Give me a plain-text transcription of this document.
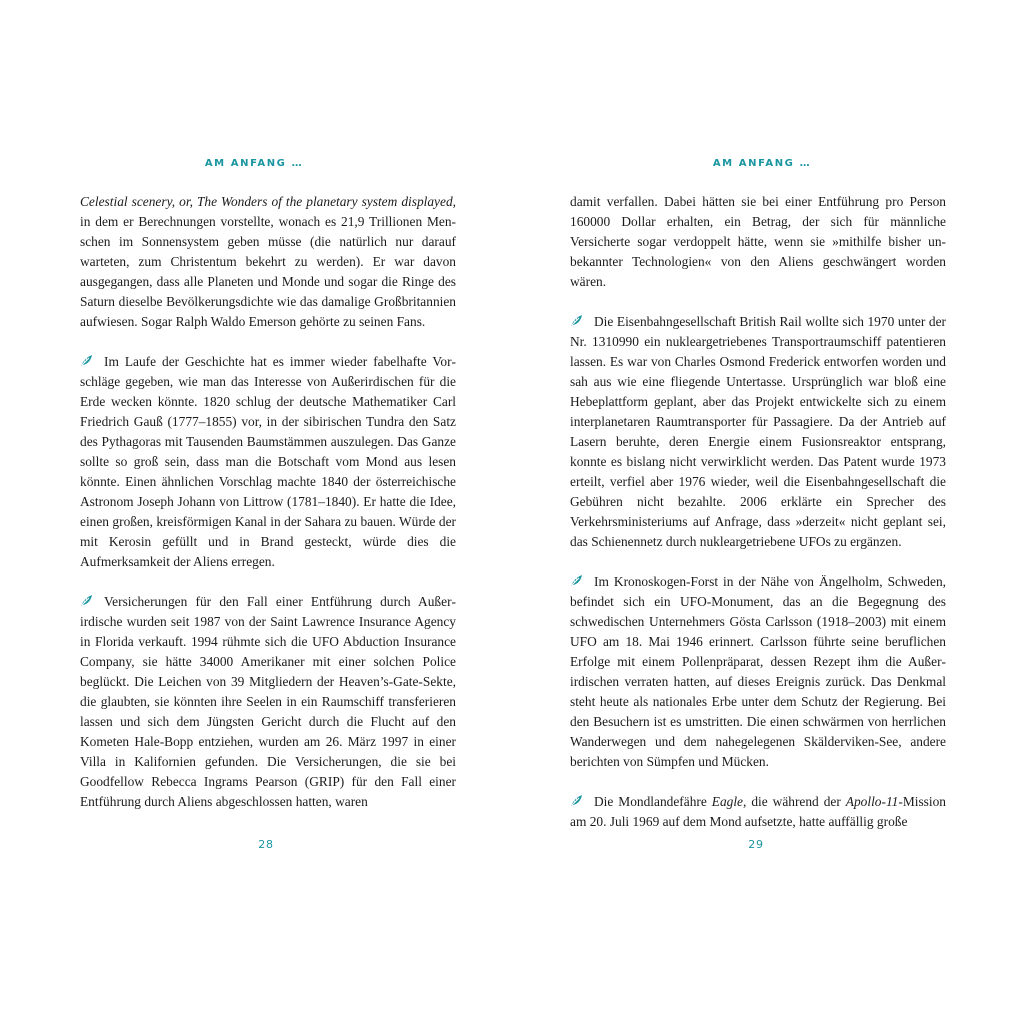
AM ANFANG …

Celestial scenery, or, The Wonders of the planetary system displayed, in dem er Berechnungen vorstellte, wonach es 21,9 Trillionen Menschen im Sonnensystem geben müsse (die natürlich nur darauf warteten, zum Christentum bekehrt zu werden). Er war davon ausgegangen, dass alle Planeten und Monde und sogar die Ringe des Saturn dieselbe Bevölkerungsdichte wie das damalige Großbritannien aufwiesen. Sogar Ralph Waldo Emerson gehörte zu seinen Fans.

Im Laufe der Geschichte hat es immer wieder fabelhafte Vorschläge gegeben, wie man das Interesse von Außerirdischen für die Erde wecken könnte. 1820 schlug der deutsche Mathematiker Carl Friedrich Gauß (1777–1855) vor, in der sibirischen Tundra den Satz des Pythagoras mit Tausenden Baumstämmen auszulegen. Das Ganze sollte so groß sein, dass man die Botschaft vom Mond aus lesen könnte. Einen ähnlichen Vorschlag machte 1840 der österreichische Astronom Joseph Johann von Littrow (1781–1840). Er hatte die Idee, einen großen, kreisförmigen Kanal in der Sahara zu bauen. Würde der mit Kerosin gefüllt und in Brand gesteckt, würde dies die Aufmerksamkeit der Aliens erregen.

Versicherungen für den Fall einer Entführung durch Außerirdische wurden seit 1987 von der Saint Lawrence Insurance Agency in Florida verkauft. 1994 rühmte sich die UFO Abduction Insurance Company, sie hätte 34000 Amerikaner mit einer solchen Police beglückt. Die Leichen von 39 Mitgliedern der Heaven’s-Gate-Sekte, die glaubten, sie könnten ihre Seelen in ein Raumschiff transferieren lassen und sich dem Jüngsten Gericht durch die Flucht auf den Kometen Hale-Bopp entziehen, wurden am 26. März 1997 in einer Villa in Kalifornien gefunden. Die Versicherungen, die sie bei Goodfellow Rebecca Ingrams Pearson (GRIP) für den Fall einer Entführung durch Aliens abgeschlossen hatten, waren

28
AM ANFANG …

damit verfallen. Dabei hätten sie bei einer Entführung pro Person 160000 Dollar erhalten, ein Betrag, der sich für männliche Versicherte sogar verdoppelt hätte, wenn sie »mithilfe bisher unbekannter Technologien« von den Aliens geschwängert worden wären.

Die Eisenbahngesellschaft British Rail wollte sich 1970 unter der Nr. 1310990 ein nukleargetriebenes Transportraumschiff patentieren lassen. Es war von Charles Osmond Frederick entworfen worden und sah aus wie eine fliegende Untertasse. Ursprünglich war bloß eine Hebeplattform geplant, aber das Projekt entwickelte sich zu einem interplanetaren Raumtransporter für Passagiere. Da der Antrieb auf Lasern beruhte, deren Energie einem Fusionsreaktor entsprang, konnte es bislang nicht verwirklicht werden. Das Patent wurde 1973 erteilt, verfiel aber 1976 wieder, weil die Eisenbahngesellschaft die Gebühren nicht bezahlte. 2006 erklärte ein Sprecher des Verkehrsministeriums auf Anfrage, dass »derzeit« nicht geplant sei, das Schienennetz durch nukleargetriebene UFOs zu ergänzen.

Im Kronoskogen-Forst in der Nähe von Ängelholm, Schweden, befindet sich ein UFO-Monument, das an die Begegnung des schwedischen Unternehmers Gösta Carlsson (1918–2003) mit einem UFO am 18. Mai 1946 erinnert. Carlsson führte seine beruflichen Erfolge mit einem Pollenpräparat, dessen Rezept ihm die Außerirdischen verraten hatten, auf dieses Ereignis zurück. Das Denkmal steht heute als nationales Erbe unter dem Schutz der Regierung. Bei den Besuchern ist es umstritten. Die einen schwärmen von herrlichen Wanderwegen und dem nahegelegenen Skälderviken-See, andere berichten von Sümpfen und Mücken.

Die Mondlandefähre Eagle, die während der Apollo-11-Mission am 20. Juli 1969 auf dem Mond aufsetzte, hatte auffällig große

29
